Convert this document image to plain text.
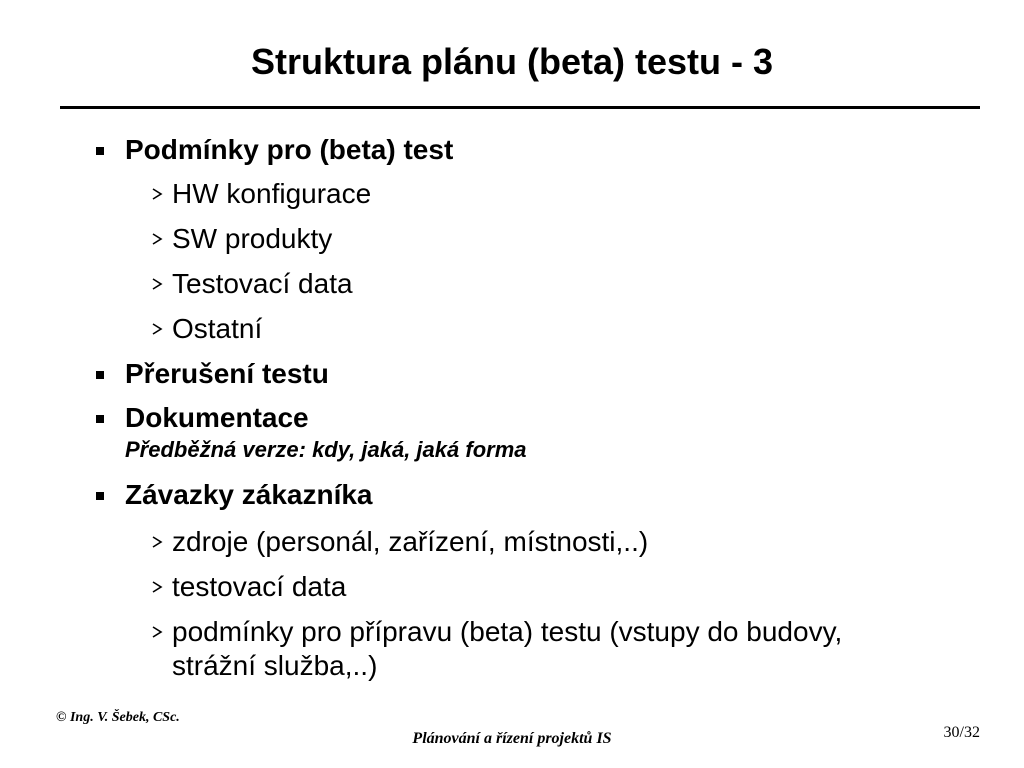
Struktura plánu (beta) testu - 3
Podmínky pro (beta) test
HW konfigurace
SW produkty
Testovací data
Ostatní
Přerušení testu
Dokumentace
Předběžná verze: kdy, jaká, jaká forma
Závazky zákazníka
zdroje (personál, zařízení, místnosti,..)
testovací data
podmínky pro přípravu (beta) testu (vstupy do budovy, strážní služba,..)
© Ing. V. Šebek, CSc.
Plánování a řízení projektů IS	30/32
